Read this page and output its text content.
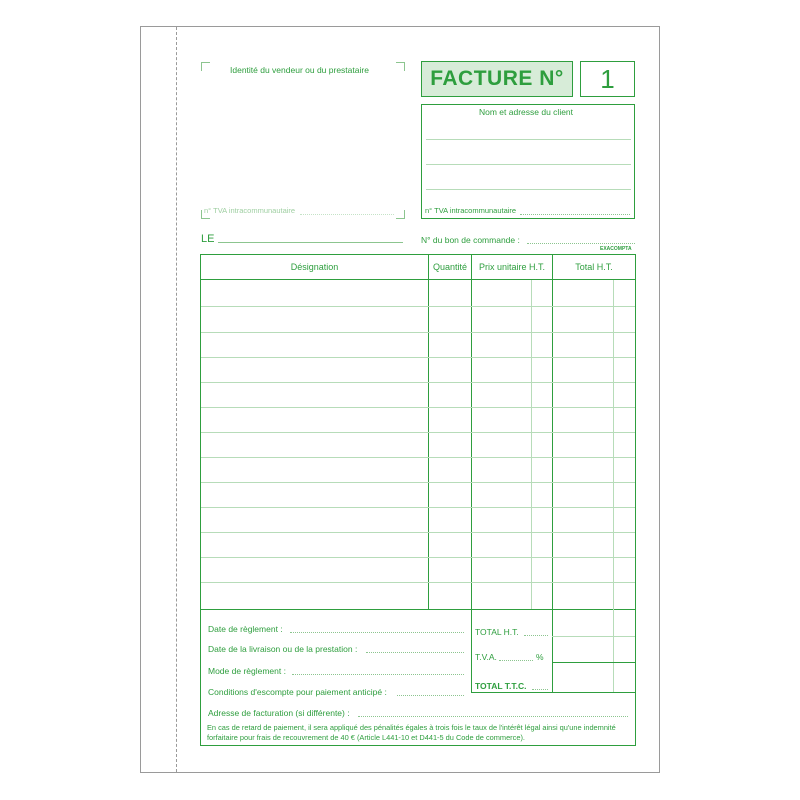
Identité du vendeur ou du prestataire
n° TVA intracommunautaire
FACTURE N°	1
Nom et adresse du client
n° TVA intracommunautaire
LE	N° du bon de commande :
EXACOMPTA
Désignation	Quantité	Prix unitaire H.T.	Total H.T.
Date de règlement :
Date de la livraison ou de la prestation :
Mode de règlement :
Conditions d'escompte pour paiement anticipé :
Adresse de facturation (si différente) :
TOTAL H.T.
T.V.A.	%
TOTAL T.T.C.
En cas de retard de paiement, il sera appliqué des pénalités égales à trois fois le taux de l'intérêt légal ainsi qu'une indemnité forfaitaire pour frais de recouvrement de 40 € (Article L441-10 et D441-5 du Code de commerce).
